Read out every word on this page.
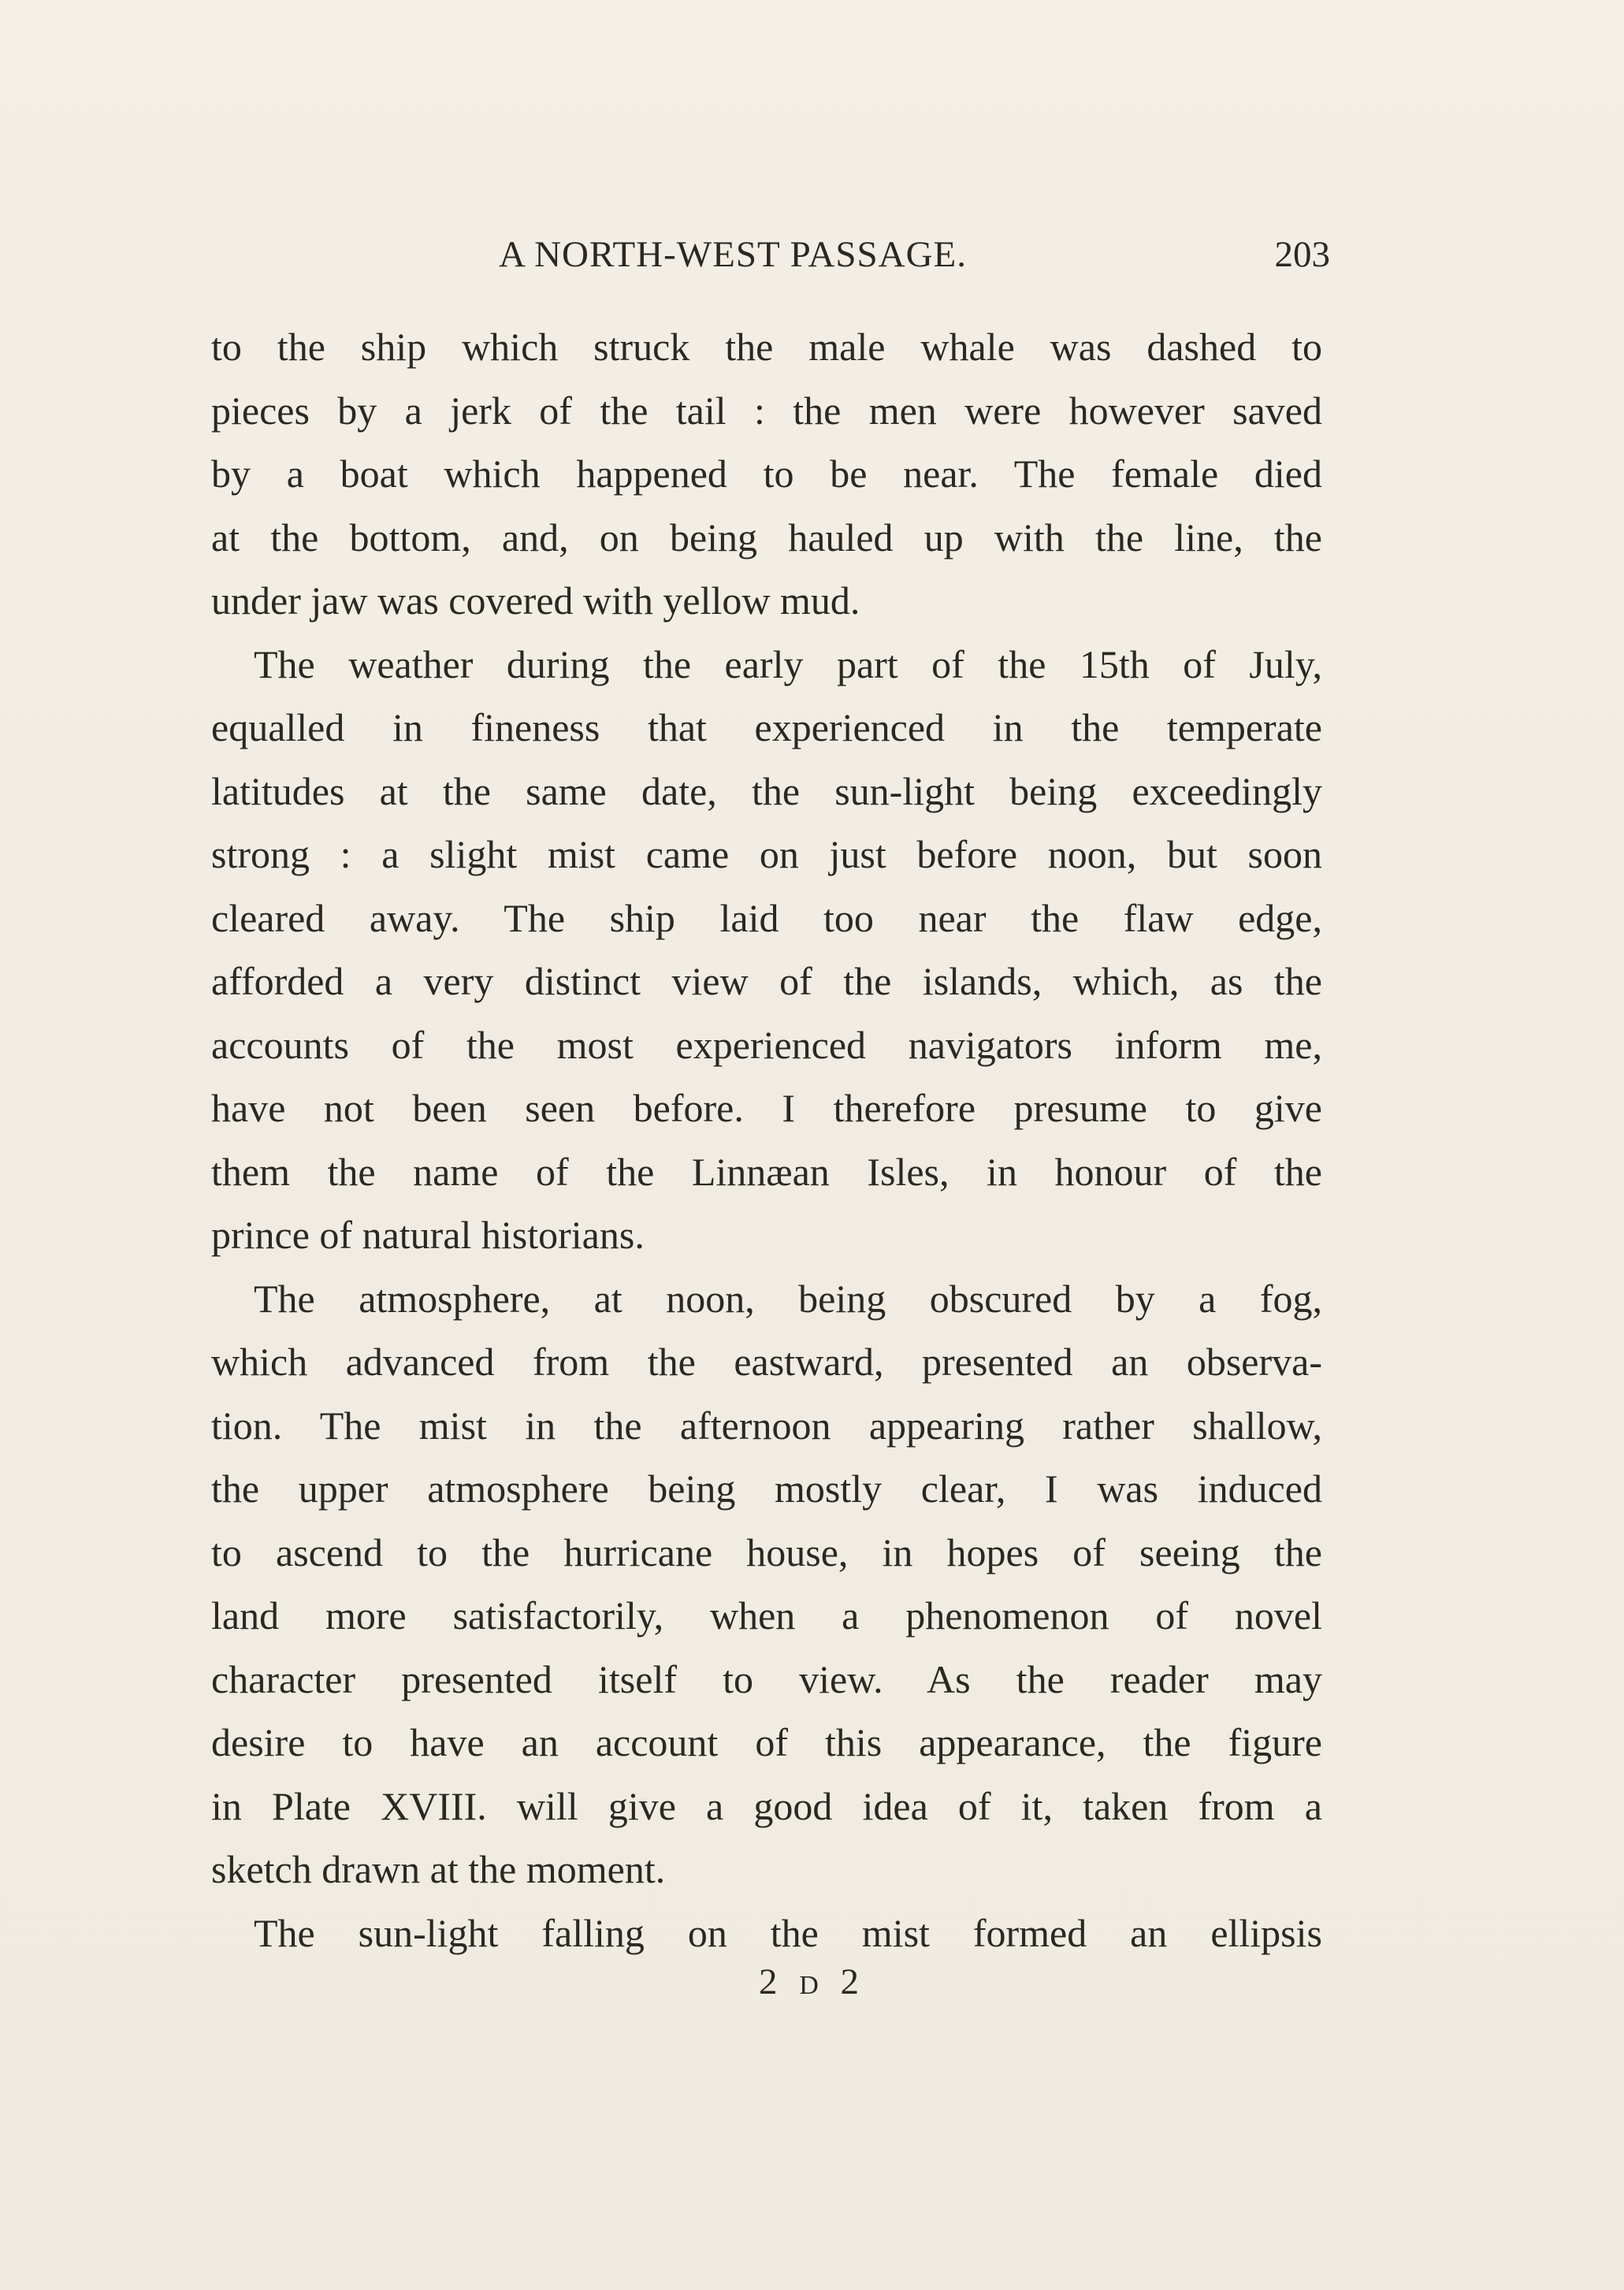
A NORTH-WEST PASSAGE.	203
to the ship which struck the male whale was dashed to
pieces by a jerk of the tail : the men were however saved
by a boat which happened to be near. The female died
at the bottom, and, on being hauled up with the line, the
under jaw was covered with yellow mud.
The weather during the early part of the 15th of July,
equalled in fineness that experienced in the temperate
latitudes at the same date, the sun-light being exceedingly
strong : a slight mist came on just before noon, but soon
cleared away. The ship laid too near the flaw edge,
afforded a very distinct view of the islands, which, as the
accounts of the most experienced navigators inform me,
have not been seen before. I therefore presume to give
them the name of the Linnæan Isles, in honour of the
prince of natural historians.
The atmosphere, at noon, being obscured by a fog,
which advanced from the eastward, presented an observa-
tion. The mist in the afternoon appearing rather shallow,
the upper atmosphere being mostly clear, I was induced
to ascend to the hurricane house, in hopes of seeing the
land more satisfactorily, when a phenomenon of novel
character presented itself to view. As the reader may
desire to have an account of this appearance, the figure
in Plate XVIII. will give a good idea of it, taken from a
sketch drawn at the moment.
The sun-light falling on the mist formed an ellipsis
2 D 2
